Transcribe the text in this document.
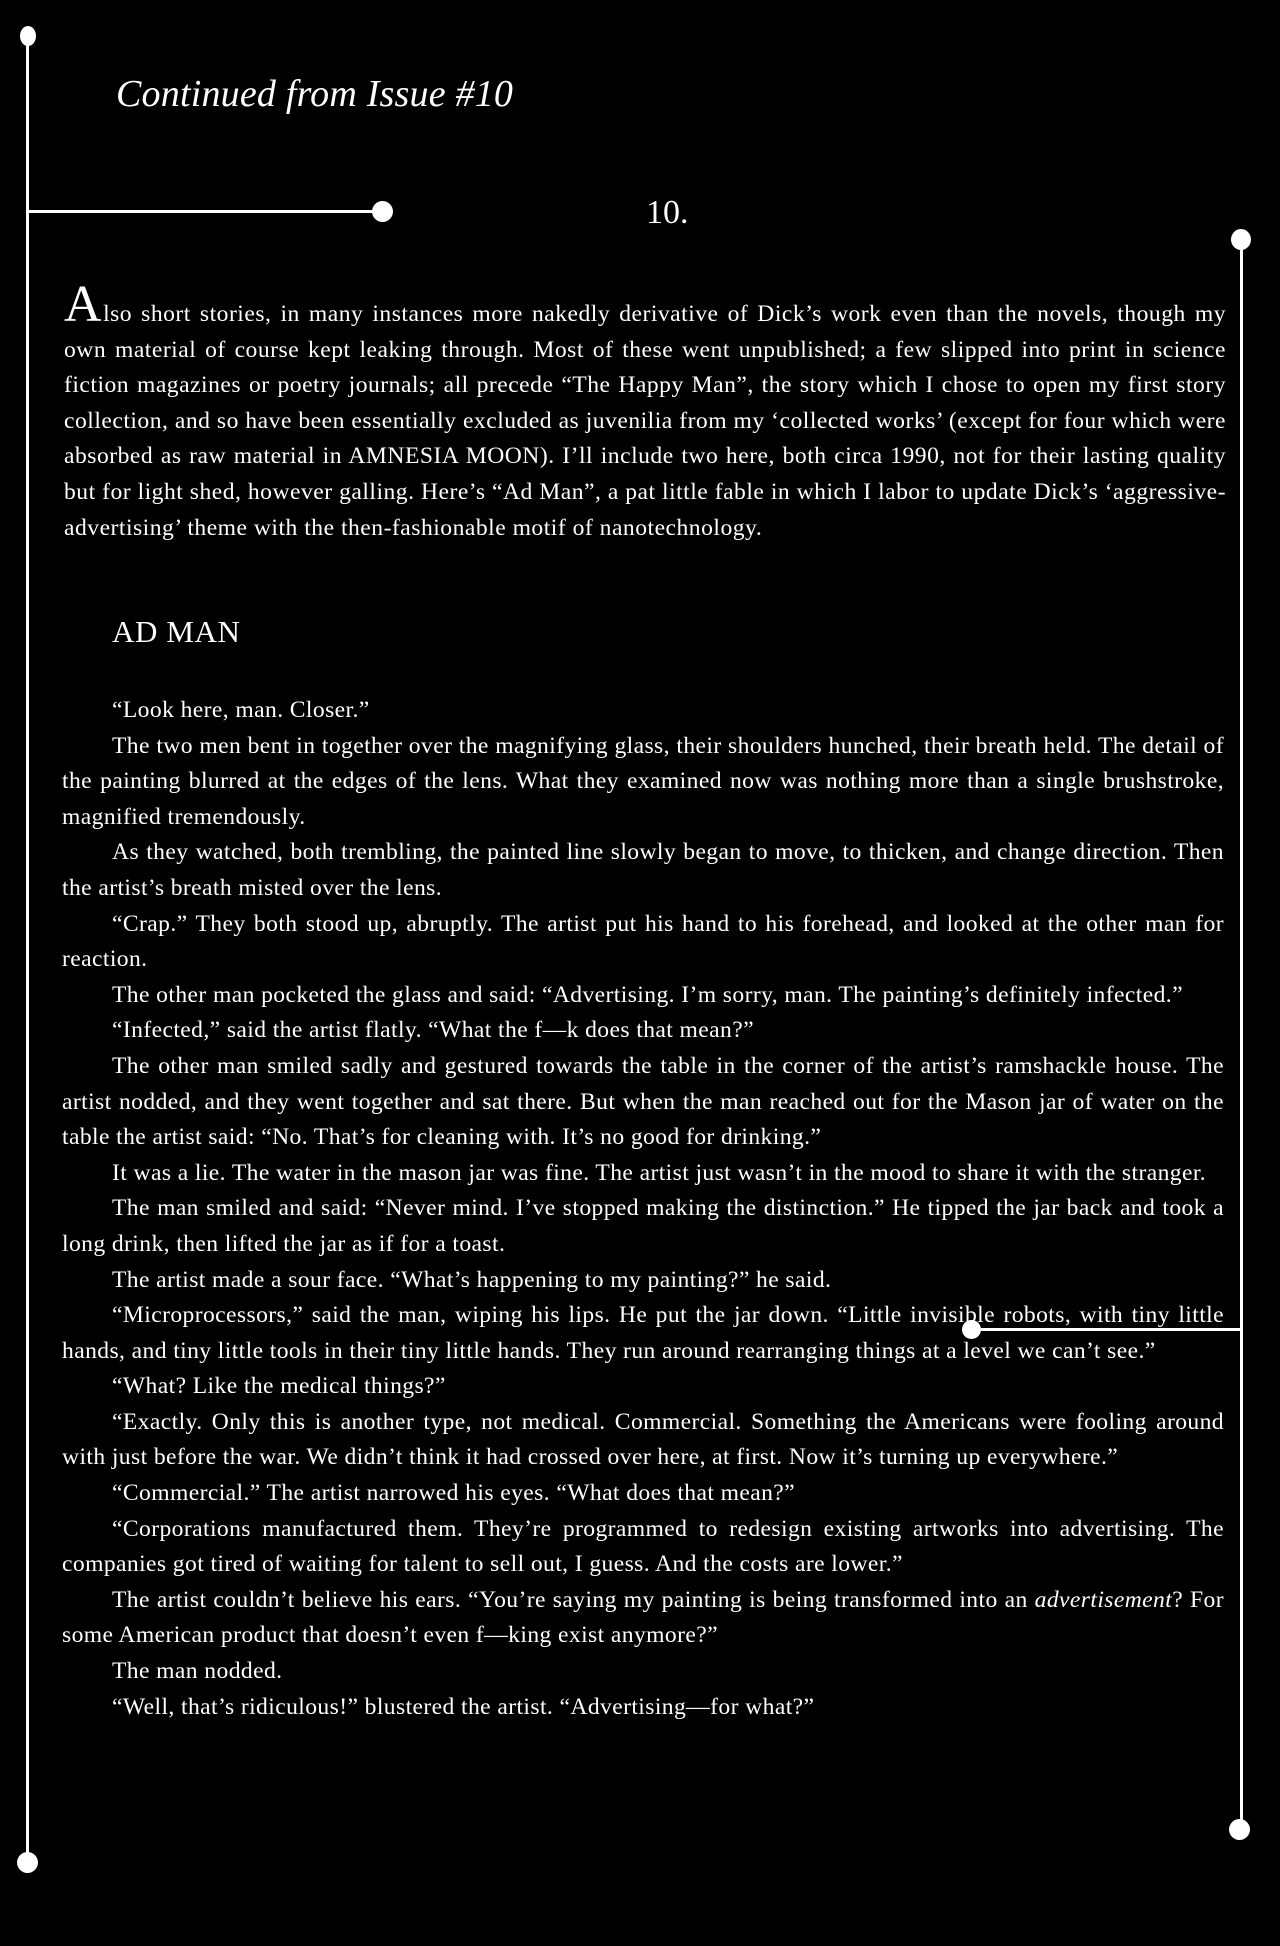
Continued from Issue #10
10.

Also short stories, in many instances more nakedly derivative of Dick’s work even than the novels, though my own material of course kept leaking through. Most of these went unpublished; a few slipped into print in science fiction magazines or poetry journals; all precede “The Happy Man”, the story which I chose to open my first story collection, and so have been essentially excluded as juvenilia from my ‘collected works’ (except for four which were absorbed as raw material in AMNESIA MOON). I’ll include two here, both circa 1990, not for their lasting quality but for light shed, however galling. Here’s “Ad Man”, a pat little fable in which I labor to update Dick’s ‘aggressive-advertising’ theme with the then-fashionable motif of nanotechnology.

AD MAN

“Look here, man. Closer.”

The two men bent in together over the magnifying glass, their shoulders hunched, their breath held. The detail of the painting blurred at the edges of the lens. What they examined now was nothing more than a single brushstroke, magnified tremendously.

As they watched, both trembling, the painted line slowly began to move, to thicken, and change direction. Then the artist’s breath misted over the lens.

“Crap.” They both stood up, abruptly. The artist put his hand to his forehead, and looked at the other man for reaction.

The other man pocketed the glass and said: “Advertising. I’m sorry, man. The painting’s definitely infected.”

“Infected,” said the artist flatly. “What the f—k does that mean?”

The other man smiled sadly and gestured towards the table in the corner of the artist’s ramshackle house. The artist nodded, and they went together and sat there. But when the man reached out for the Mason jar of water on the table the artist said: “No. That’s for cleaning with. It’s no good for drinking.”

It was a lie. The water in the mason jar was fine. The artist just wasn’t in the mood to share it with the stranger.

The man smiled and said: “Never mind. I’ve stopped making the distinction.” He tipped the jar back and took a long drink, then lifted the jar as if for a toast.

The artist made a sour face. “What’s happening to my painting?” he said.

“Microprocessors,” said the man, wiping his lips. He put the jar down. “Little invisible robots, with tiny little hands, and tiny little tools in their tiny little hands. They run around rearranging things at a level we can’t see.”

“What? Like the medical things?”

“Exactly. Only this is another type, not medical. Commercial. Something the Americans were fooling around with just before the war. We didn’t think it had crossed over here, at first. Now it’s turning up everywhere.”

“Commercial.” The artist narrowed his eyes. “What does that mean?”

“Corporations manufactured them. They’re programmed to redesign existing artworks into advertising. The companies got tired of waiting for talent to sell out, I guess. And the costs are lower.”

The artist couldn’t believe his ears. “You’re saying my painting is being transformed into an advertisement? For some American product that doesn’t even f—king exist anymore?”

The man nodded.

“Well, that’s ridiculous!” blustered the artist. “Advertising—for what?”
